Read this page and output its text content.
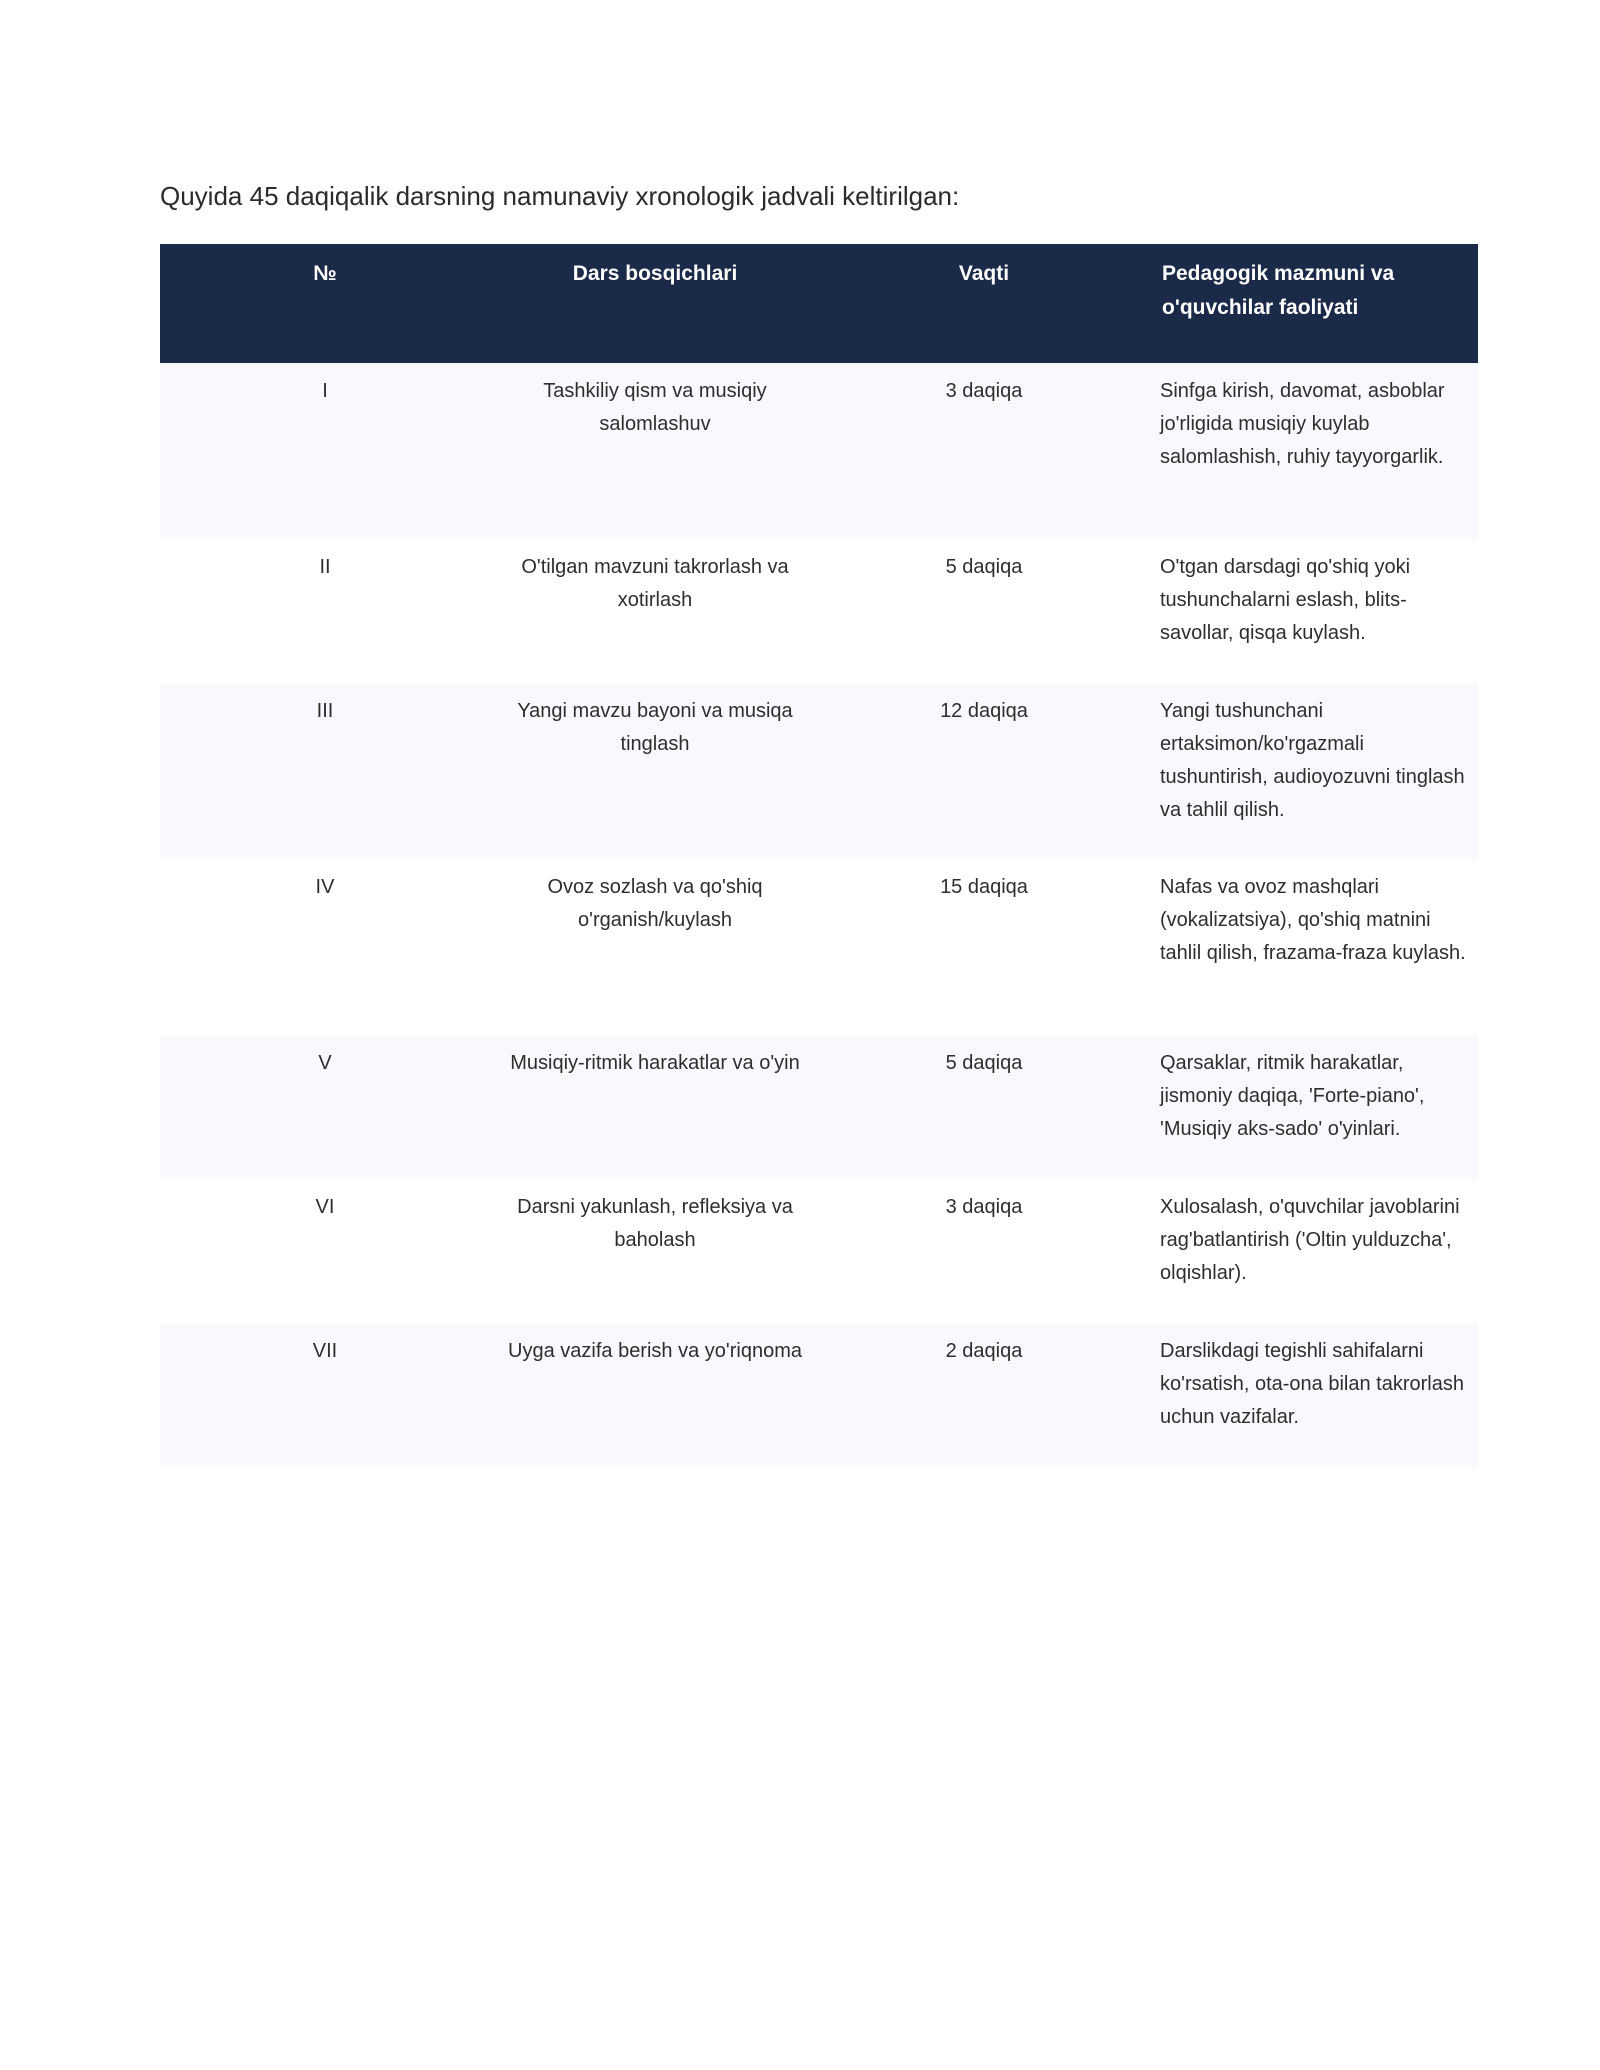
Quyida 45 daqiqalik darsning namunaviy xronologik jadvali keltirilgan:
№	Dars bosqichlari	Vaqti	Pedagogik mazmuni va o'quvchilar faoliyati
I	Tashkiliy qism va musiqiy salomlashuv	3 daqiqa	Sinfga kirish, davomat, asboblar jo'rligida musiqiy kuylab salomlashish, ruhiy tayyorgarlik.
II	O'tilgan mavzuni takrorlash va xotirlash	5 daqiqa	O'tgan darsdagi qo'shiq yoki tushunchalarni eslash, blits-savollar, qisqa kuylash.
III	Yangi mavzu bayoni va musiqa tinglash	12 daqiqa	Yangi tushunchani ertaksimon/ko'rgazmali tushuntirish, audioyozuvni tinglash va tahlil qilish.
IV	Ovoz sozlash va qo'shiq o'rganish/kuylash	15 daqiqa	Nafas va ovoz mashqlari (vokalizatsiya), qo'shiq matnini tahlil qilish, frazama-fraza kuylash.
V	Musiqiy-ritmik harakatlar va o'yin	5 daqiqa	Qarsaklar, ritmik harakatlar, jismoniy daqiqa, 'Forte-piano', 'Musiqiy aks-sado' o'yinlari.
VI	Darsni yakunlash, refleksiya va baholash	3 daqiqa	Xulosalash, o'quvchilar javoblarini rag'batlantirish ('Oltin yulduzcha', olqishlar).
VII	Uyga vazifa berish va yo'riqnoma	2 daqiqa	Darslikdagi tegishli sahifalarni ko'rsatish, ota-ona bilan takrorlash uchun vazifalar.
